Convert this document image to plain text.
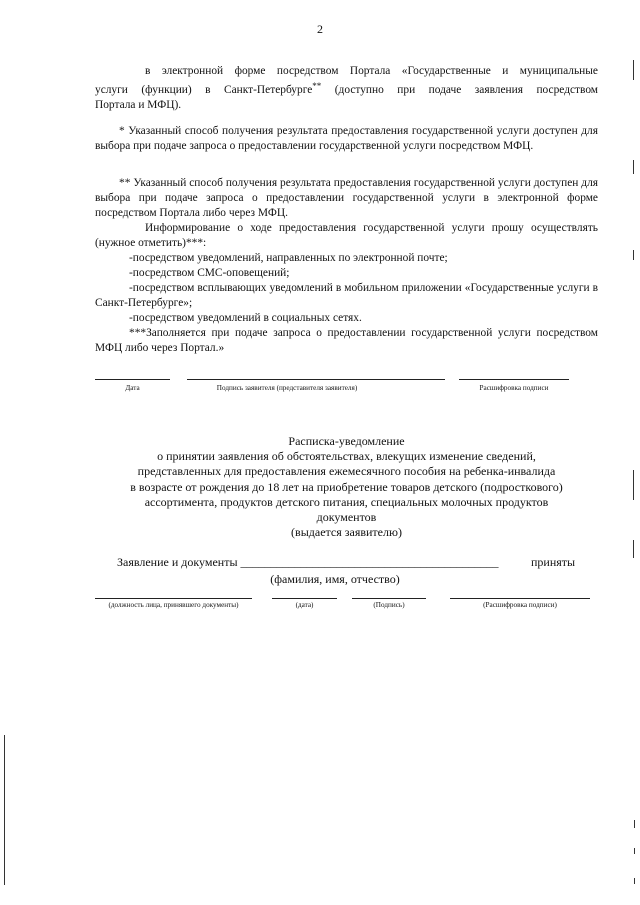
2

в электронной форме посредством Портала «Государственные и муниципальные

услуги (функции) в Санкт-Петербурге** (доступно при подаче заявления посредством

Портала и МФЦ).

* Указанный способ получения результата предоставления государственной услуги доступен для выбора при подаче запроса о предоставлении государственной услуги посредством МФЦ.

** Указанный способ получения результата предоставления государственной услуги доступен для выбора при подаче запроса о предоставлении государственной услуги в электронной форме посредством Портала либо через МФЦ.

Информирование о ходе предоставления государственной услуги прошу осуществлять (нужное отметить)***:

-посредством уведомлений, направленных по электронной почте;

-посредством СМС-оповещений;

-посредством всплывающих уведомлений в мобильном приложении «Государственные услуги в Санкт-Петербурге»;

-посредством уведомлений в социальных сетях.

***Заполняется при подаче запроса о предоставлении государственной услуги посредством МФЦ либо через Портал.»

Дата	Подпись заявителя (представителя заявителя)	Расшифровка подписи
Расписка-уведомление
о принятии заявления об обстоятельствах, влекущих изменение сведений,
представленных для предоставления ежемесячного пособия на ребенка-инвалида
в возрасте от рождения до 18 лет на приобретение товаров детского (подросткового)
ассортимента, продуктов детского питания, специальных молочных продуктов
документов
(выдается заявителю)
Заявление и документы ___________________________________________	приняты
(фамилия, имя, отчество)
(должность лица, принявшего документы)	(дата)	(Подпись)	(Расшифровка подписи)
